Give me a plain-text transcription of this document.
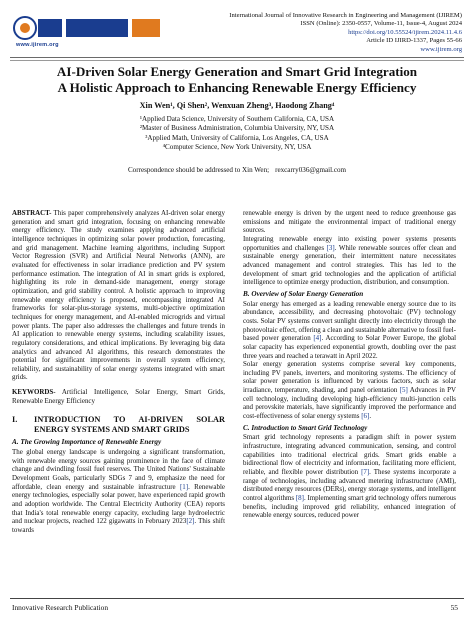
www.ijirem.org
International Journal of Innovative Research in Engineering and Management (IJIREM)
ISSN (Online): 2350-0557, Volume-11, Issue-4, August 2024
https://doi.org/10.55524/ijirem.2024.11.4.6
Article ID IJIRD-1337, Pages 55-66
www.ijirem.org
AI-Driven Solar Energy Generation and Smart Grid Integration
A Holistic Approach to Enhancing Renewable Energy Efficiency
Xin Wen¹, Qi Shen², Wenxuan Zheng³, Haodong Zhang⁴
¹Applied Data Science, University of Southern California, CA, USA
²Master of Business Administration, Columbia University, NY, USA
³Applied Math, University of California, Los Angeles, CA, USA
⁴Computer Science, New York University, NY, USA
Correspondence should be addressed to Xin Wen; rexcarry036@gmail.com

ABSTRACT- This paper comprehensively analyzes AI-driven solar energy generation and smart grid integration, focusing on enhancing renewable energy efficiency. The study examines applying advanced artificial intelligence techniques in optimizing solar power production, forecasting, and grid management. Machine learning algorithms, including Support Vector Regression (SVR) and Artificial Neural Networks (ANN), are evaluated for effectiveness in solar irradiance prediction and PV system performance estimation. The integration of AI in smart grids is explored, highlighting its role in demand-side management, energy storage optimization, and grid stability control. A holistic approach to improving renewable energy efficiency is proposed, encompassing integrated AI frameworks for solar-plus-storage systems, multi-objective optimization techniques for energy management, and AI-enabled microgrids and virtual power plants. The paper also addresses the challenges and future trends in AI application to renewable energy systems, including scalability issues, regulatory considerations, and ethical implications. By leveraging big data analytics and advanced AI algorithms, this research demonstrates the potential for significant improvements in overall system efficiency, reliability, and sustainability of solar energy systems integrated with smart grids.

KEYWORDS- Artificial Intelligence, Solar Energy, Smart Grids, Renewable Energy Efficiency

I.	INTRODUCTION TO AI-DRIVEN SOLAR ENERGY SYSTEMS AND SMART GRIDS
A. The Growing Importance of Renewable Energy

The global energy landscape is undergoing a significant transformation, with renewable energy sources gaining prominence in the face of climate change and dwindling fossil fuel reserves. The United Nations' Sustainable Development Goals, particularly SDGs 7 and 9, emphasize the need for affordable, clean energy and sustainable infrastructure [1]. Renewable energy technologies, especially solar power, have experienced rapid growth and adoption worldwide. The Central Electricity Authority (CEA) reports that India's total renewable energy capacity, excluding large hydroelectric and nuclear projects, reached 122 gigawatts in February 2023[2]. This shift towards

renewable energy is driven by the urgent need to reduce greenhouse gas emissions and mitigate the environmental impact of traditional energy sources.

Integrating renewable energy into existing power systems presents opportunities and challenges [3]. While renewable sources offer clean and sustainable energy generation, their intermittent nature necessitates advanced management and control strategies. This has led to the development of smart grid technologies and the application of artificial intelligence to optimize energy production, distribution, and consumption.

B. Overview of Solar Energy Generation

Solar energy has emerged as a leading renewable energy source due to its abundance, accessibility, and decreasing photovoltaic (PV) technology costs. Solar PV systems convert sunlight directly into electricity through the photovoltaic effect, offering a clean and sustainable alternative to fossil fuel-based power generation [4]. According to Solar Power Europe, the global solar capacity has experienced exponential growth, doubling over the past three years and reached a terawatt in April 2022.

Solar energy generation systems comprise several key components, including PV panels, inverters, and monitoring systems. The efficiency of solar power generation is influenced by various factors, such as solar irradiance, temperature, shading, and panel orientation [5] Advances in PV cell technology, including developing high-efficiency multi-junction cells and perovskite materials, have significantly improved the performance and cost-effectiveness of solar energy systems [6].

C. Introduction to Smart Grid Technology

Smart grid technology represents a paradigm shift in power system infrastructure, integrating advanced communication, sensing, and control capabilities into traditional electrical grids. Smart grids enable a bidirectional flow of electricity and information, facilitating more efficient, reliable, and flexible power distribution [7]. These systems incorporate a range of technologies, including advanced metering infrastructure (AMI), distributed energy resources (DERs), energy storage systems, and intelligent control algorithms [8]. Implementing smart grid technology offers numerous benefits, including improved grid reliability, enhanced integration of renewable energy sources, reduced power

Innovative Research Publication	55
